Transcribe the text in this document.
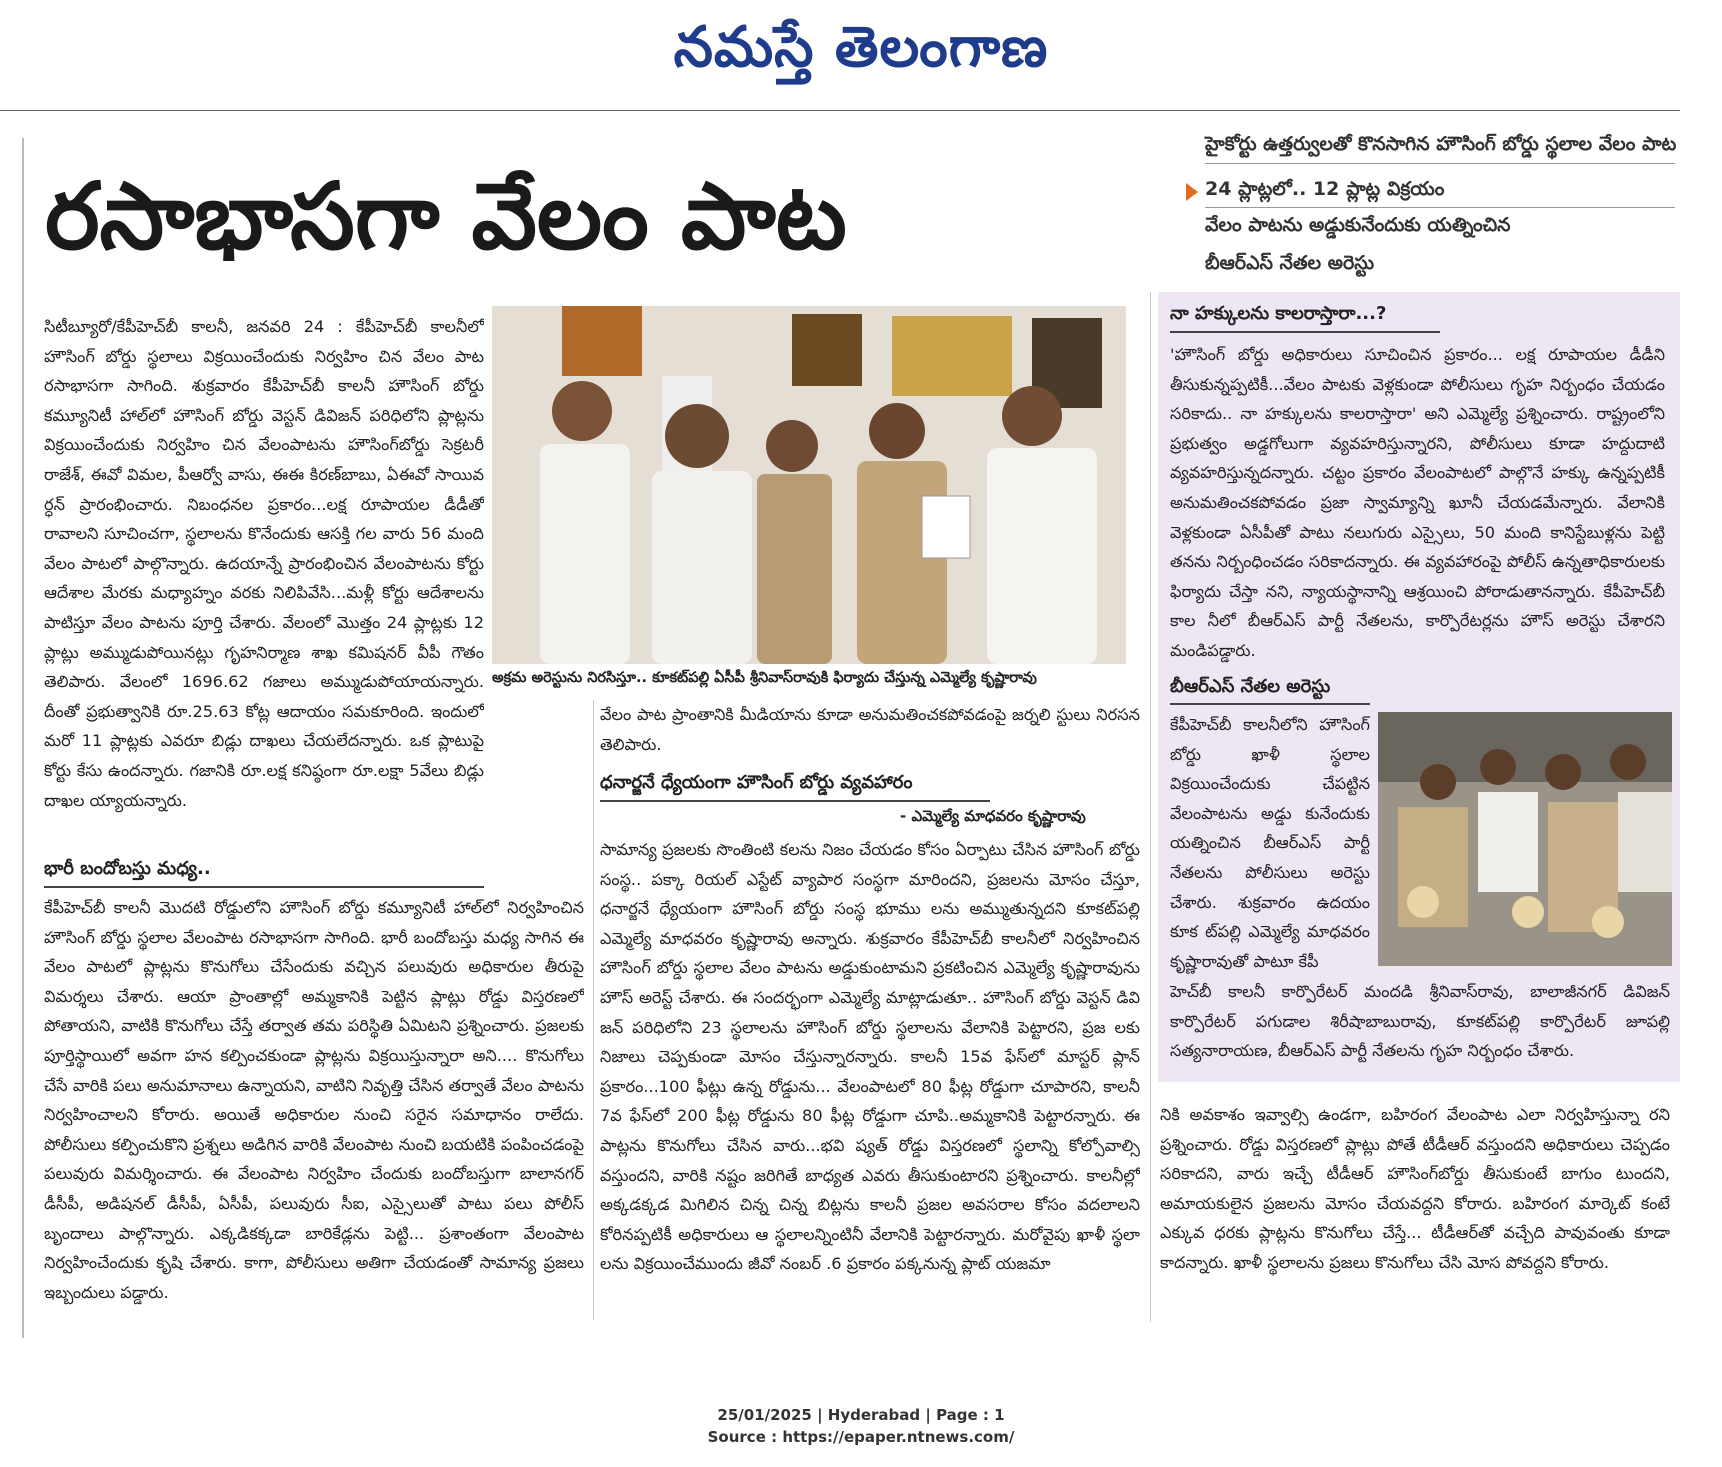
నమస్తే తెలంగాణ
రసాభాసగా వేలం పాట
హైకోర్టు ఉత్తర్వులతో కొనసాగిన హౌసింగ్ బోర్డు స్థలాల వేలం పాట
24 ప్లాట్లలో.. 12 ప్లాట్ల విక్రయం
వేలం పాటను అడ్డుకునేందుకు యత్నించిన
బీఆర్ఎస్ నేతల అరెస్టు
సిటీబ్యూరో/కేపీహెచ్‌బీ కాలనీ, జనవరి 24 : కేపీహెచ్‌బీ కాలనీలో హౌసింగ్ బోర్డు స్థలాలు విక్రయించేందుకు నిర్వహిం చిన వేలం పాట రసాభాసగా సాగింది. శుక్రవారం కేపీహెచ్‌బీ కాలనీ హౌసింగ్ బోర్డు కమ్యూనిటీ హాల్‌లో హౌసింగ్ బోర్డు వెస్టన్ డివిజన్ పరిధిలోని ప్లాట్లను విక్రయించేందుకు నిర్వహిం చిన వేలంపాటను హౌసింగ్‌బోర్డు సెక్రటరీ రాజేశ్, ఈవో విమల, పీఆర్వో వాసు, ఈఈ కిరణ్‌బాబు, ఏఈవో సాయివ ర్ధన్ ప్రారంభించారు. నిబంధనల ప్రకారం...లక్ష రూపాయల డీడీతో రావాలని సూచించగా, స్థలాలను కొనేందుకు ఆసక్తి గల వారు 56 మంది వేలం పాటలో పాల్గొన్నారు. ఉదయాన్నే ప్రారంభించిన వేలంపాటను కోర్టు ఆదేశాల మేరకు మధ్యాహ్నం వరకు నిలిపివేసి...మళ్లీ కోర్టు ఆదేశాలను పాటిస్తూ వేలం పాటను పూర్తి చేశారు. వేలంలో మొత్తం 24 ప్లాట్లకు 12 ప్లాట్లు అమ్ముడుపోయినట్లు గృహనిర్మాణ శాఖ కమిషనర్ వీపీ గౌతం తెలిపారు. వేలంలో 1696.62 గజాలు అమ్ముడుపోయాయన్నారు. దీంతో ప్రభుత్వానికి రూ.25.63 కోట్ల ఆదాయం సమకూరింది. ఇందులో మరో 11 ప్లాట్లకు ఎవరూ బిడ్లు దాఖలు చేయలేదన్నారు. ఒక ప్లాటుపై కోర్టు కేసు ఉందన్నారు. గజానికి రూ.లక్ష కనిష్ఠంగా రూ.లక్షా 5వేలు బిడ్లు దాఖల య్యాయన్నారు.
భారీ బందోబస్తు మధ్య..
కేపీహెచ్‌బీ కాలనీ మొదటి రోడ్డులోని హౌసింగ్ బోర్డు కమ్యూనిటీ హాల్‌లో నిర్వహించిన హౌసింగ్ బోర్డు స్థలాల వేలంపాట రసాభాసగా సాగింది. భారీ బందోబస్తు మధ్య సాగిన ఈ వేలం పాటలో ప్లాట్లను కొనుగోలు చేసేందుకు వచ్చిన పలువురు అధికారుల తీరుపై విమర్శలు చేశారు. ఆయా ప్రాంతాల్లో అమ్మకానికి పెట్టిన ప్లాట్లు రోడ్డు విస్తరణలో పోతాయని, వాటికి కొనుగోలు చేస్తే తర్వాత తమ పరిస్థితి ఏమిటని ప్రశ్నించారు. ప్రజలకు పూర్తిస్థాయిలో అవగా హన కల్పించకుండా ప్లాట్లను విక్రయిస్తున్నారా అని.... కొనుగోలు చేసే వారికి పలు అనుమానాలు ఉన్నాయని, వాటిని నివృత్తి చేసిన తర్వాతే వేలం పాటను నిర్వహించాలని కోరారు. అయితే అధికారుల నుంచి సరైన సమాధానం రాలేదు. పోలీసులు కల్పించుకొని ప్రశ్నలు అడిగిన వారికి వేలంపాట నుంచి బయటికి పంపించడంపై పలువురు విమర్శించారు. ఈ వేలంపాట నిర్వహిం చేందుకు బందోబస్తుగా బాలానగర్ డీసీపీ, అడిషనల్ డీసీపీ, ఏసీపీ, పలువురు సీఐ, ఎస్సైలుతో పాటు పలు పోలీస్ బృందాలు పాల్గొన్నారు. ఎక్కడికక్కడా బారికేడ్లను పెట్టి... ప్రశాంతంగా వేలంపాట నిర్వహించేందుకు కృషి చేశారు. కాగా, పోలీసులు అతిగా చేయడంతో సామాన్య ప్రజలు ఇబ్బందులు పడ్డారు.
అక్రమ అరెస్టును నిరసిస్తూ.. కూకట్‌పల్లి ఏసీపీ శ్రీనివాస్‌రావుకి ఫిర్యాదు చేస్తున్న ఎమ్మెల్యే కృష్ణారావు
వేలం పాట ప్రాంతానికి మీడియాను కూడా అనుమతించకపోవడంపై జర్నలి స్టులు నిరసన తెలిపారు.
ధనార్జనే ధ్యేయంగా హౌసింగ్ బోర్డు వ్యవహారం
- ఎమ్మెల్యే మాధవరం కృష్ణారావు
సామాన్య ప్రజలకు సొంతింటి కలను నిజం చేయడం కోసం ఏర్పాటు చేసిన హౌసింగ్ బోర్డు సంస్థ.. పక్కా రియల్ ఎస్టేట్ వ్యాపార సంస్థగా మారిందని, ప్రజలను మోసం చేస్తూ, ధనార్జనే ధ్యేయంగా హౌసింగ్ బోర్డు సంస్థ భూము లను అమ్ముతున్నదని కూకట్‌పల్లి ఎమ్మెల్యే మాధవరం కృష్ణారావు అన్నారు. శుక్రవారం కేపీహెచ్‌బీ కాలనీలో నిర్వహించిన హౌసింగ్ బోర్డు స్థలాల వేలం పాటను అడ్డుకుంటామని ప్రకటించిన ఎమ్మెల్యే కృష్ణారావును హౌస్ అరెస్ట్ చేశారు. ఈ సందర్భంగా ఎమ్మెల్యే మాట్లాడుతూ.. హౌసింగ్ బోర్డు వెస్టన్ డివి జన్ పరిధిలోని 23 స్థలాలను హౌసింగ్ బోర్డు స్థలాలను వేలానికి పెట్టారని, ప్రజ లకు నిజాలు చెప్పకుండా మోసం చేస్తున్నారన్నారు. కాలనీ 15వ ఫేస్‌లో మాస్టర్ ప్లాన్ ప్రకారం...100 ఫీట్లు ఉన్న రోడ్డును... వేలంపాటలో 80 ఫీట్ల రోడ్డుగా చూపారని, కాలనీ 7వ ఫేస్‌లో 200 ఫీట్ల రోడ్డును 80 ఫీట్ల రోడ్డుగా చూపి..అమ్మకానికి పెట్టారన్నారు. ఈ పాట్లను కొనుగోలు చేసిన వారు...భవి ష్యత్ రోడ్డు విస్తరణలో స్థలాన్ని కోల్పోవాల్సి వస్తుందని, వారికి నష్టం జరిగితే బాధ్యత ఎవరు తీసుకుంటారని ప్రశ్నించారు. కాలనీల్లో అక్కడక్కడ మిగిలిన చిన్న చిన్న బిట్లను కాలనీ ప్రజల అవసరాల కోసం వదలాలని కోరినప్పటికీ అధికారులు ఆ స్థలాలన్నింటినీ వేలానికి పెట్టారన్నారు. మరోవైపు ఖాళీ స్థలా లను విక్రయించేముందు జీవో నంబర్ .6 ప్రకారం పక్కనున్న ప్లాట్ యజమా
నా హక్కులను కాలరాస్తారా...?
'హౌసింగ్ బోర్డు అధికారులు సూచించిన ప్రకారం... లక్ష రూపాయల డీడీని తీసుకున్నప్పటికీ...వేలం పాటకు వెళ్లకుండా పోలీసులు గృహ నిర్బంధం చేయడం సరికాదు.. నా హక్కులను కాలరాస్తారా' అని ఎమ్మెల్యే ప్రశ్నించారు. రాష్ట్రంలోని ప్రభుత్వం అడ్డగోలుగా వ్యవహరిస్తున్నారని, పోలీసులు కూడా హద్దుదాటి వ్యవహరిస్తున్నదన్నారు. చట్టం ప్రకారం వేలంపాటలో పాల్గొనే హక్కు ఉన్నప్పటికీ అనుమతించకపోవడం ప్రజా స్వామ్యాన్ని ఖూనీ చేయడమేన్నారు. వేలానికి వెళ్లకుండా ఏసీపీతో పాటు నలుగురు ఎస్సైలు, 50 మంది కానిస్టేబుళ్లను పెట్టి తనను నిర్బంధించడం సరికాదన్నారు. ఈ వ్యవహారంపై పోలీస్ ఉన్నతాధికారులకు ఫిర్యాదు చేస్తా నని, న్యాయస్థానాన్ని ఆశ్రయించి పోరాడుతానన్నారు. కేపీహెచ్‌బీ కాల నీలో బీఆర్ఎస్ పార్టీ నేతలను, కార్పొరేటర్లను హౌస్ అరెస్టు చేశారని మండిపడ్డారు.
బీఆర్ఎస్ నేతల అరెస్టు
కేపీహెచ్‌బీ కాలనీలోని హౌసింగ్ బోర్డు ఖాళీ స్థలాల విక్రయించేందుకు చేపట్టిన వేలంపాటను అడ్డు కునేందుకు యత్నించిన బీఆర్ఎస్ పార్టీ నేతలను పోలీసులు అరెస్టు చేశారు. శుక్రవారం ఉదయం కూక ట్‌పల్లి ఎమ్మెల్యే మాధవరం కృష్ణారావుతో పాటూ కేపీ
హెచ్‌బీ కాలనీ కార్పొరేటర్ మందడి శ్రీనివాస్‌రావు, బాలాజీనగర్ డివిజన్ కార్పొరేటర్ పగుడాల శిరీషాబాబురావు, కూకట్‌పల్లి కార్పొరేటర్ జూపల్లి సత్యనారాయణ, బీఆర్ఎస్ పార్టీ నేతలను గృహ నిర్బంధం చేశారు.
నికి అవకాశం ఇవ్వాల్సి ఉండగా, బహిరంగ వేలంపాట ఎలా నిర్వహిస్తున్నా రని ప్రశ్నించారు. రోడ్డు విస్తరణలో ప్లాట్లు పోతే టీడీఆర్ వస్తుందని అధికారులు చెప్పడం సరికాదని, వారు ఇచ్చే టీడీఆర్ హౌసింగ్‌బోర్డు తీసుకుంటే బాగుం టుందని, అమాయకులైన ప్రజలను మోసం చేయవద్దని కోరారు. బహిరంగ మార్కెట్ కంటే ఎక్కువ ధరకు ప్లాట్లను కొనుగోలు చేస్తే... టీడీఆర్‌తో వచ్చేది పావువంతు కూడా కాదన్నారు. ఖాళీ స్థలాలను ప్రజలు కొనుగోలు చేసి మోస పోవద్దని కోరారు.
25/01/2025 | Hyderabad | Page : 1
Source : https://epaper.ntnews.com/
